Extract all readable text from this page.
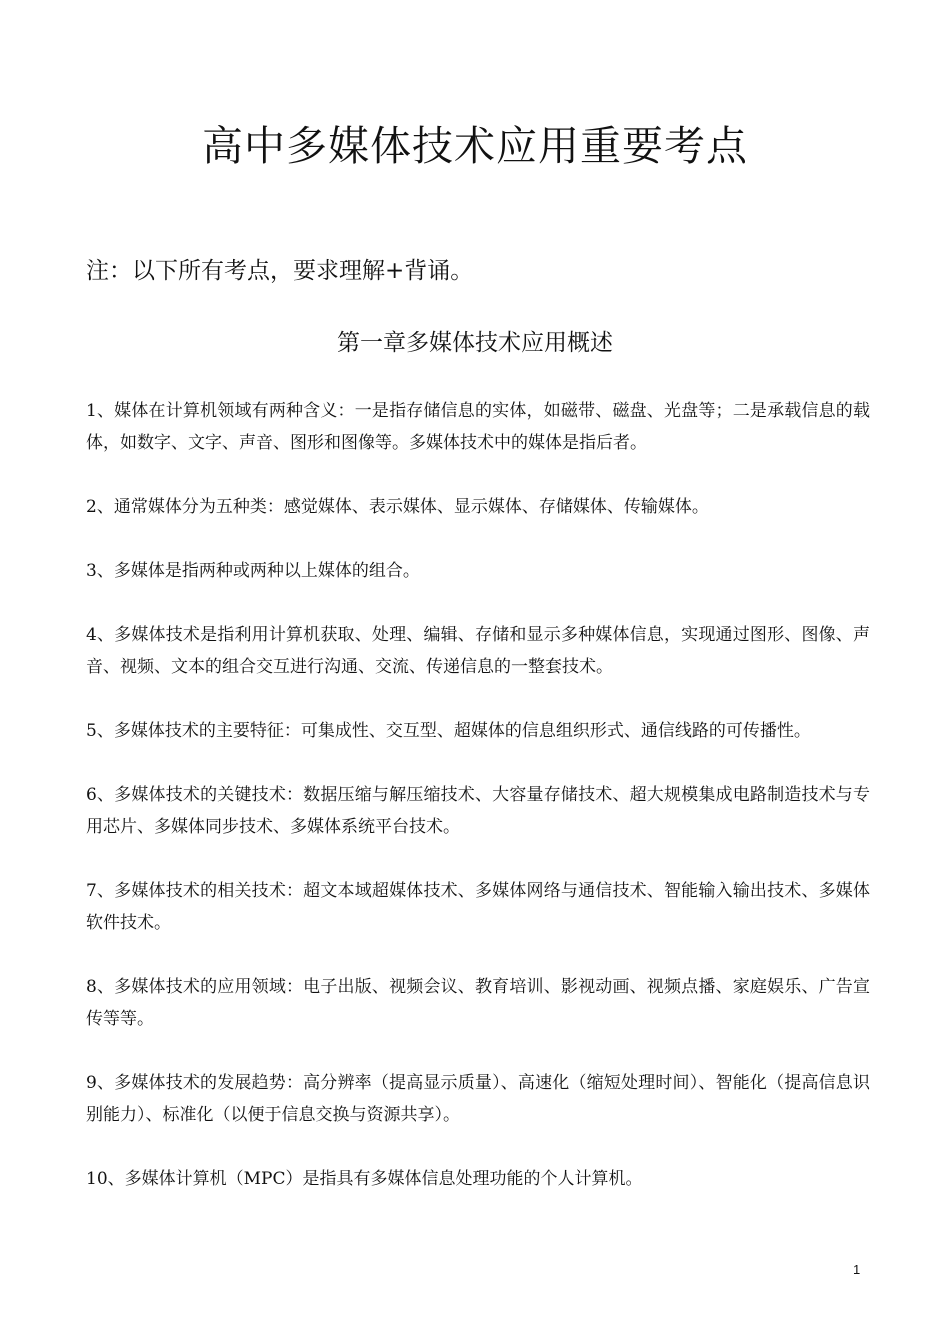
高中多媒体技术应用重要考点

注：以下所有考点，要求理解+背诵。

第一章多媒体技术应用概述
1、媒体在计算机领域有两种含义：一是指存储信息的实体，如磁带、磁盘、光盘等；二是承载信息的载体，如数字、文字、声音、图形和图像等。多媒体技术中的媒体是指后者。
2、通常媒体分为五种类：感觉媒体、表示媒体、显示媒体、存储媒体、传输媒体。
3、多媒体是指两种或两种以上媒体的组合。
4、多媒体技术是指利用计算机获取、处理、编辑、存储和显示多种媒体信息，实现通过图形、图像、声音、视频、文本的组合交互进行沟通、交流、传递信息的一整套技术。
5、多媒体技术的主要特征：可集成性、交互型、超媒体的信息组织形式、通信线路的可传播性。
6、多媒体技术的关键技术：数据压缩与解压缩技术、大容量存储技术、超大规模集成电路制造技术与专用芯片、多媒体同步技术、多媒体系统平台技术。
7、多媒体技术的相关技术：超文本域超媒体技术、多媒体网络与通信技术、智能输入输出技术、多媒体软件技术。
8、多媒体技术的应用领域：电子出版、视频会议、教育培训、影视动画、视频点播、家庭娱乐、广告宣传等等。
9、多媒体技术的发展趋势：高分辨率（提高显示质量）、高速化（缩短处理时间）、智能化（提高信息识别能力）、标准化（以便于信息交换与资源共享）。
10、多媒体计算机（MPC）是指具有多媒体信息处理功能的个人计算机。
1
